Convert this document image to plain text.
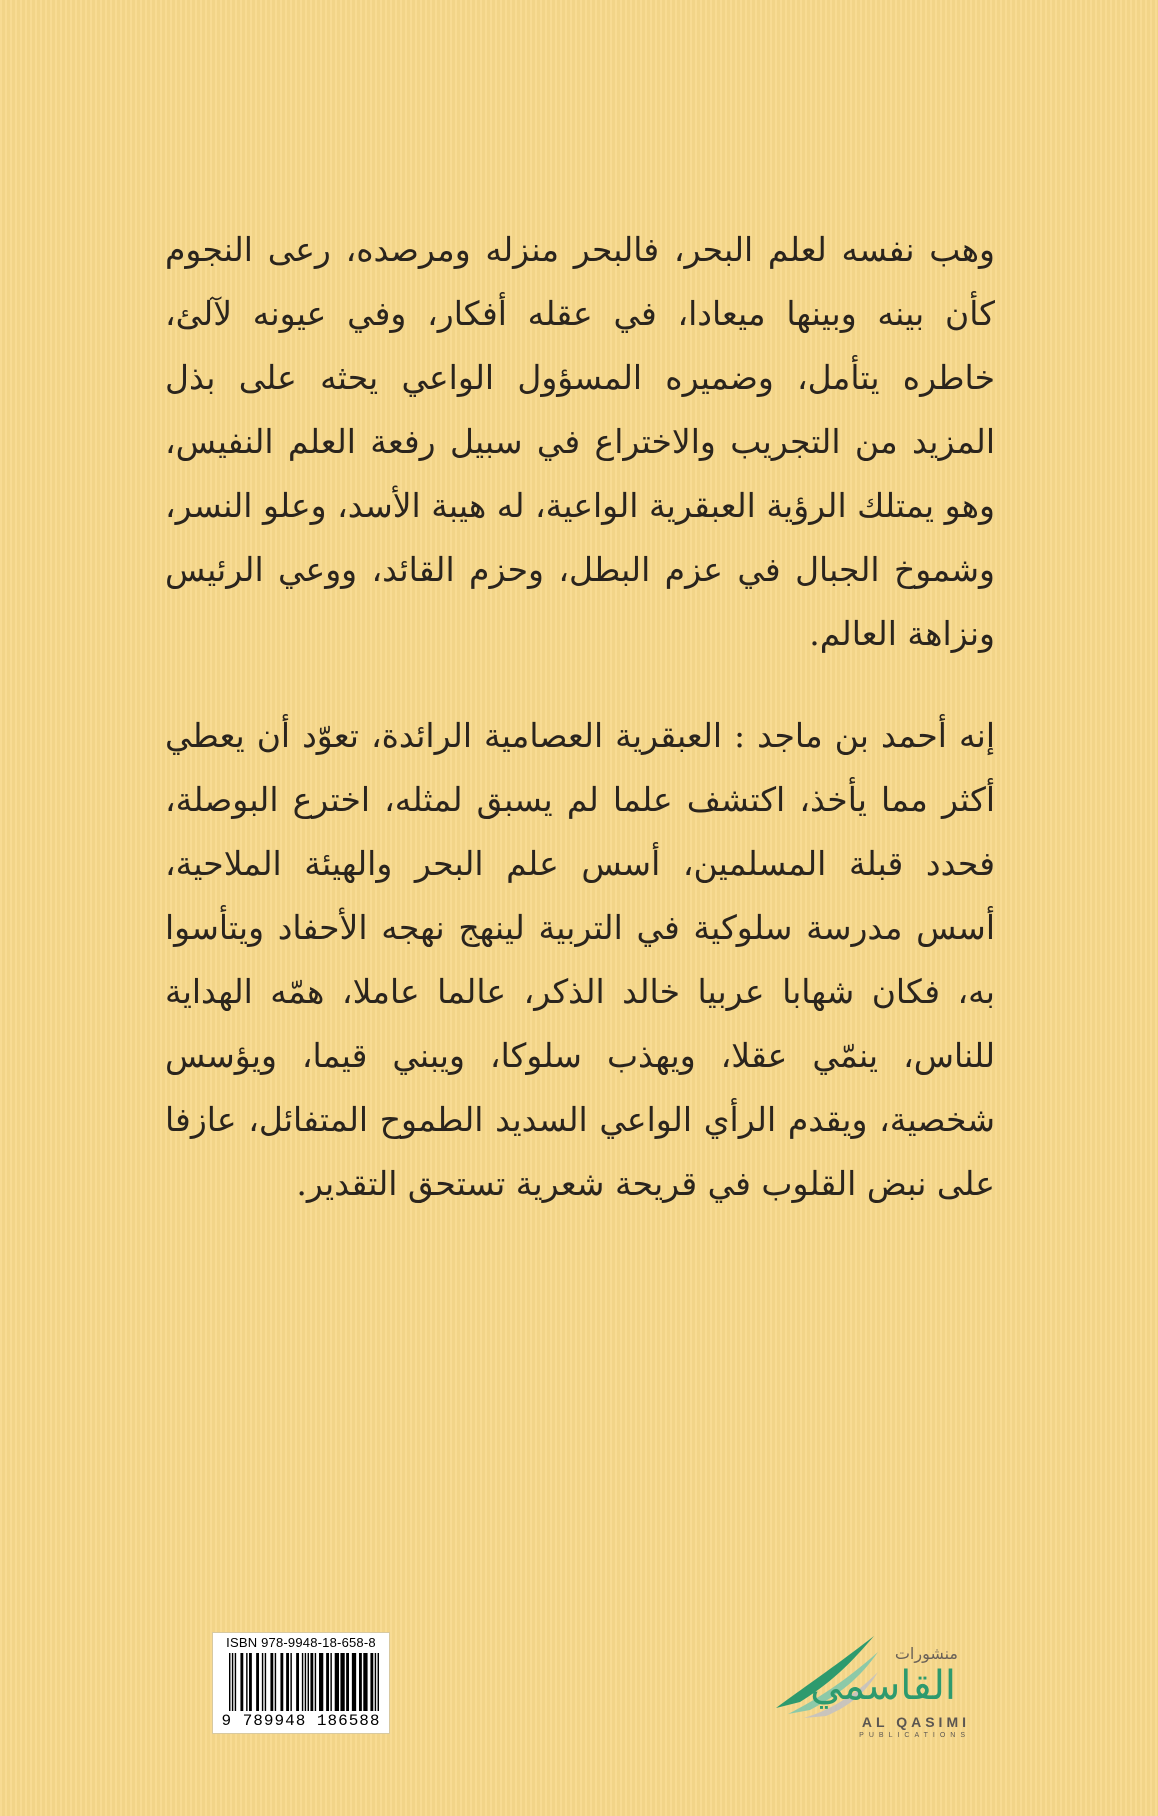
وهب نفسه لعلم البحر، فالبحر منزله ومرصده، رعى النجوم كأن بينه وبينها ميعادا، في عقله أفكار، وفي عيونه لآلئ، خاطره يتأمل، وضميره المسؤول الواعي يحثه على بذل المزيد من التجريب والاختراع في سبيل رفعة العلم النفيس، وهو يمتلك الرؤية العبقرية الواعية، له هيبة الأسد، وعلو النسر، وشموخ الجبال في عزم البطل، وحزم القائد، ووعي الرئيس ونزاهة العالم.

إنه أحمد بن ماجد : العبقرية العصامية الرائدة، تعوّد أن يعطي أكثر مما يأخذ، اكتشف علما لم يسبق لمثله، اخترع البوصلة، فحدد قبلة المسلمين، أسس علم البحر والهيئة الملاحية، أسس مدرسة سلوكية في التربية لينهج نهجه الأحفاد ويتأسوا به، فكان شهابا عربيا خالد الذكر، عالما عاملا، همّه الهداية للناس، ينمّي عقلا، ويهذب سلوكا، ويبني قيما، ويؤسس شخصية، ويقدم الرأي الواعي السديد الطموح المتفائل، عازفا على نبض القلوب في قريحة شعرية تستحق التقدير.

ISBN 978-9948-18-658-8
9 789948 186588
منشورات
القاسمي
AL QASIMI
PUBLICATIONS
